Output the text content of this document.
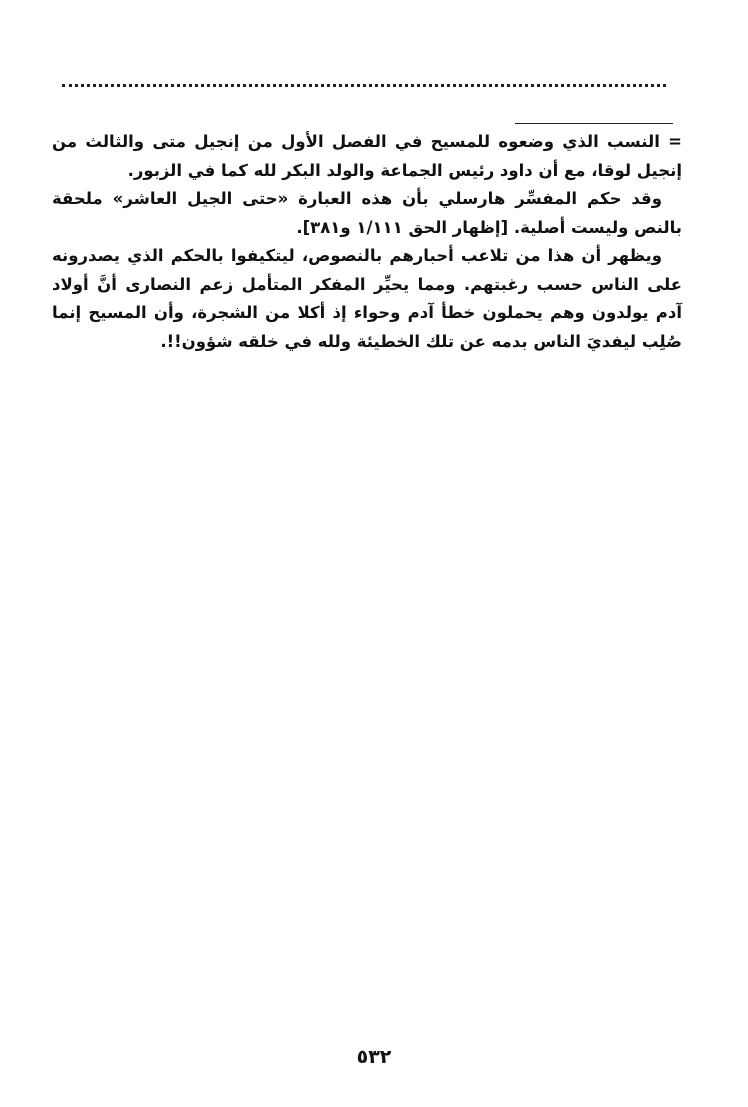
= النسب الذي وضعوه للمسيح في الفصل الأول من إنجيل متى والثالث من إنجيل لوقا، مع أن داود رئيس الجماعة والولد البكر لله كما في الزبور.

وقد حكم المفسِّر هارسلي بأن هذه العبارة «حتى الجيل العاشر» ملحقة بالنص وليست أصلية. [إظهار الحق ١/١١١ و٣٨١].

ويظهر أن هذا من تلاعب أحبارهم بالنصوص، ليتكيفوا بالحكم الذي يصدرونه على الناس حسب رغبتهم. ومما يحيِّر المفكر المتأمل زعم النصارى أنَّ أولاد آدم يولدون وهم يحملون خطأ آدم وحواء إذ أكلا من الشجرة، وأن المسيح إنما صُلِب ليفديَ الناس بدمه عن تلك الخطيئة ولله في خلقه شؤون!!.

٥٣٢
